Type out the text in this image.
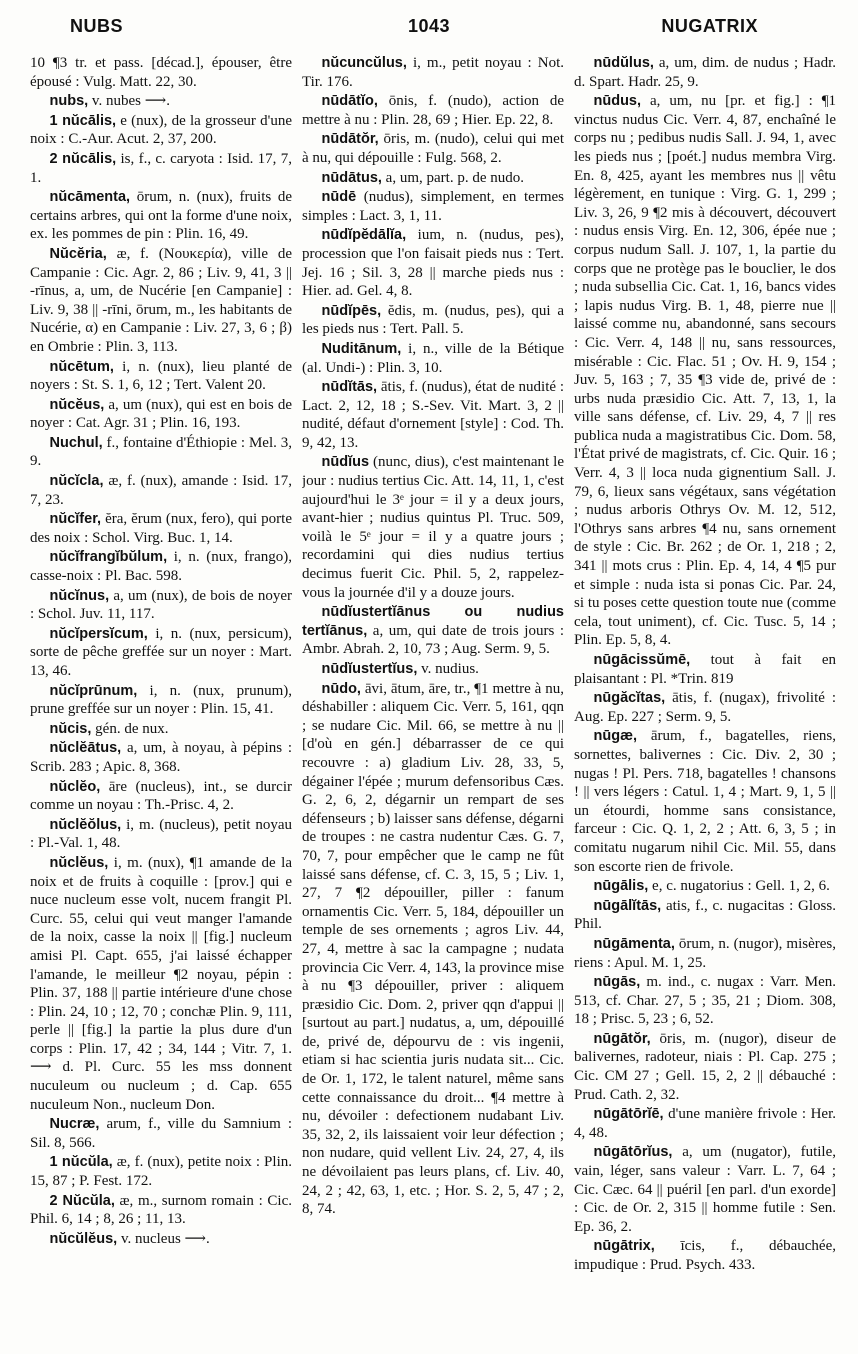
NUBS	1043	NUGATRIX

10 ¶3 tr. et pass. [décad.], épouser, être épousé : Vulg. Matt. 22, 30.

nubs, v. nubes ⟶.

1 nŭcālis, e (nux), de la grosseur d'une noix : C.-Aur. Acut. 2, 37, 200.

2 nŭcālis, is, f., c. caryota : Isid. 17, 7, 1.

nŭcāmenta, ōrum, n. (nux), fruits de certains arbres, qui ont la forme d'une noix, ex. les pommes de pin : Plin. 16, 49.

Nŭcĕria, æ, f. (Νουκερία), ville de Campanie : Cic. Agr. 2, 86 ; Liv. 9, 41, 3 || -rīnus, a, um, de Nucérie [en Campanie] : Liv. 9, 38 || -rīni, ōrum, m., les habitants de Nucérie, α) en Campanie : Liv. 27, 3, 6 ; β) en Ombrie : Plin. 3, 113.

nŭcētum, i, n. (nux), lieu planté de noyers : St. S. 1, 6, 12 ; Tert. Valent 20.

nŭcĕus, a, um (nux), qui est en bois de noyer : Cat. Agr. 31 ; Plin. 16, 193.

Nuchul, f., fontaine d'Éthiopie : Mel. 3, 9.

nŭcĭcla, æ, f. (nux), amande : Isid. 17, 7, 23.

nŭcĭfer, ĕra, ĕrum (nux, fero), qui porte des noix : Schol. Virg. Buc. 1, 14.

nŭcĭfrangĭbŭlum, i, n. (nux, frango), casse-noix : Pl. Bac. 598.

nŭcĭnus, a, um (nux), de bois de noyer : Schol. Juv. 11, 117.

nŭcĭpersĭcum, i, n. (nux, persicum), sorte de pêche greffée sur un noyer : Mart. 13, 46.

nŭcĭprūnum, i, n. (nux, prunum), prune greffée sur un noyer : Plin. 15, 41.

nŭcis, gén. de nux.

nŭclĕātus, a, um, à noyau, à pépins : Scrib. 283 ; Apic. 8, 368.

nŭclĕo, āre (nucleus), int., se durcir comme un noyau : Th.-Prisc. 4, 2.

nŭclĕŏlus, i, m. (nucleus), petit noyau : Pl.-Val. 1, 48.

nŭclĕus, i, m. (nux), ¶1 amande de la noix et de fruits à coquille : [prov.] qui e nuce nucleum esse volt, nucem frangit Pl. Curc. 55, celui qui veut manger l'amande de la noix, casse la noix || [fig.] nucleum amisi Pl. Capt. 655, j'ai laissé échapper l'amande, le meilleur ¶2 noyau, pépin : Plin. 37, 188 || partie intérieure d'une chose : Plin. 24, 10 ; 12, 70 ; conchæ Plin. 9, 111, perle || [fig.] la partie la plus dure d'un corps : Plin. 17, 42 ; 34, 144 ; Vitr. 7, 1. ⟶ d. Pl. Curc. 55 les mss donnent nuculeum ou nucleum ; d. Cap. 655 nuculeum Non., nucleum Don.

Nucræ, arum, f., ville du Samnium : Sil. 8, 566.

1 nŭcŭla, æ, f. (nux), petite noix : Plin. 15, 87 ; P. Fest. 172.

2 Nŭcŭla, æ, m., surnom romain : Cic. Phil. 6, 14 ; 8, 26 ; 11, 13.

nŭcŭlĕus, v. nucleus ⟶.

nŭcuncŭlus, i, m., petit noyau : Not. Tir. 176.

nūdātĭo, ōnis, f. (nudo), action de mettre à nu : Plin. 28, 69 ; Hier. Ep. 22, 8.

nūdātŏr, ōris, m. (nudo), celui qui met à nu, qui dépouille : Fulg. 568, 2.

nūdātus, a, um, part. p. de nudo.

nūdē (nudus), simplement, en termes simples : Lact. 3, 1, 11.

nūdĭpĕdālĭa, ium, n. (nudus, pes), procession que l'on faisait pieds nus : Tert. Jej. 16 ; Sil. 3, 28 || marche pieds nus : Hier. ad. Gel. 4, 8.

nūdĭpēs, ĕdis, m. (nudus, pes), qui a les pieds nus : Tert. Pall. 5.

Nuditānum, i, n., ville de la Bétique (al. Undi-) : Plin. 3, 10.

nūdĭtās, ātis, f. (nudus), état de nudité : Lact. 2, 12, 18 ; S.-Sev. Vit. Mart. 3, 2 || nudité, défaut d'ornement [style] : Cod. Th. 9, 42, 13.

nūdĭus (nunc, dius), c'est maintenant le jour : nudius tertius Cic. Att. 14, 11, 1, c'est aujourd'hui le 3ᵉ jour = il y a deux jours, avant-hier ; nudius quintus Pl. Truc. 509, voilà le 5ᵉ jour = il y a quatre jours ; recordamini qui dies nudius tertius decimus fuerit Cic. Phil. 5, 2, rappelez-vous la journée d'il y a douze jours.

nūdĭustertĭānus ou nudius tertĭānus, a, um, qui date de trois jours : Ambr. Abrah. 2, 10, 73 ; Aug. Serm. 9, 5.

nūdĭustertĭus, v. nudius.

nūdo, āvi, ātum, āre, tr., ¶1 mettre à nu, déshabiller : aliquem Cic. Verr. 5, 161, qqn ; se nudare Cic. Mil. 66, se mettre à nu || [d'où en gén.] débarrasser de ce qui recouvre : a) gladium Liv. 28, 33, 5, dégainer l'épée ; murum defensoribus Cæs. G. 2, 6, 2, dégarnir un rempart de ses défenseurs ; b) laisser sans défense, dégarni de troupes : ne castra nudentur Cæs. G. 7, 70, 7, pour empêcher que le camp ne fût laissé sans défense, cf. C. 3, 15, 5 ; Liv. 1, 27, 7 ¶2 dépouiller, piller : fanum ornamentis Cic. Verr. 5, 184, dépouiller un temple de ses ornements ; agros Liv. 44, 27, 4, mettre à sac la campagne ; nudata provincia Cic Verr. 4, 143, la province mise à nu ¶3 dépouiller, priver : aliquem præsidio Cic. Dom. 2, priver qqn d'appui || [surtout au part.] nudatus, a, um, dépouillé de, privé de, dépourvu de : vis ingenii, etiam si hac scientia juris nudata sit... Cic. de Or. 1, 172, le talent naturel, même sans cette connaissance du droit... ¶4 mettre à nu, dévoiler : defectionem nudabant Liv. 35, 32, 2, ils laissaient voir leur défection ; non nudare, quid vellent Liv. 24, 27, 4, ils ne dévoilaient pas leurs plans, cf. Liv. 40, 24, 2 ; 42, 63, 1, etc. ; Hor. S. 2, 5, 47 ; 2, 8, 74.

nūdŭlus, a, um, dim. de nudus ; Hadr. d. Spart. Hadr. 25, 9.

nūdus, a, um, nu [pr. et fig.] : ¶1 vinctus nudus Cic. Verr. 4, 87, enchaîné le corps nu ; pedibus nudis Sall. J. 94, 1, avec les pieds nus ; [poét.] nudus membra Virg. En. 8, 425, ayant les membres nus || vêtu légèrement, en tunique : Virg. G. 1, 299 ; Liv. 3, 26, 9 ¶2 mis à découvert, découvert : nudus ensis Virg. En. 12, 306, épée nue ; corpus nudum Sall. J. 107, 1, la partie du corps que ne protège pas le bouclier, le dos ; nuda subsellia Cic. Cat. 1, 16, bancs vides ; lapis nudus Virg. B. 1, 48, pierre nue || laissé comme nu, abandonné, sans secours : Cic. Verr. 4, 148 || nu, sans ressources, misérable : Cic. Flac. 51 ; Ov. H. 9, 154 ; Juv. 5, 163 ; 7, 35 ¶3 vide de, privé de : urbs nuda præsidio Cic. Att. 7, 13, 1, la ville sans défense, cf. Liv. 29, 4, 7 || res publica nuda a magistratibus Cic. Dom. 58, l'État privé de magistrats, cf. Cic. Quir. 16 ; Verr. 4, 3 || loca nuda gignentium Sall. J. 79, 6, lieux sans végétaux, sans végétation ; nudus arboris Othrys Ov. M. 12, 512, l'Othrys sans arbres ¶4 nu, sans ornement de style : Cic. Br. 262 ; de Or. 1, 218 ; 2, 341 || mots crus : Plin. Ep. 4, 14, 4 ¶5 pur et simple : nuda ista si ponas Cic. Par. 24, si tu poses cette question toute nue (comme cela, tout uniment), cf. Cic. Tusc. 5, 14 ; Plin. Ep. 5, 8, 4.

nūgācissŭmē, tout à fait en plaisantant : Pl. *Trin. 819

nūgăcĭtas, ātis, f. (nugax), frivolité : Aug. Ep. 227 ; Serm. 9, 5.

nūgæ, ārum, f., bagatelles, riens, sornettes, balivernes : Cic. Div. 2, 30 ; nugas ! Pl. Pers. 718, bagatelles ! chansons ! || vers légers : Catul. 1, 4 ; Mart. 9, 1, 5 || un étourdi, homme sans consistance, farceur : Cic. Q. 1, 2, 2 ; Att. 6, 3, 5 ; in comitatu nugarum nihil Cic. Mil. 55, dans son escorte rien de frivole.

nūgālis, e, c. nugatorius : Gell. 1, 2, 6.

nūgālĭtās, atis, f., c. nugacitas : Gloss. Phil.

nūgāmenta, ōrum, n. (nugor), misères, riens : Apul. M. 1, 25.

nūgās, m. ind., c. nugax : Varr. Men. 513, cf. Char. 27, 5 ; 35, 21 ; Diom. 308, 18 ; Prisc. 5, 23 ; 6, 52.

nūgātŏr, ōris, m. (nugor), diseur de balivernes, radoteur, niais : Pl. Cap. 275 ; Cic. CM 27 ; Gell. 15, 2, 2 || débauché : Prud. Cath. 2, 32.

nūgātōrĭē, d'une manière frivole : Her. 4, 48.

nūgātōrĭus, a, um (nugator), futile, vain, léger, sans valeur : Varr. L. 7, 64 ; Cic. Cæc. 64 || puéril [en parl. d'un exorde] : Cic. de Or. 2, 315 || homme futile : Sen. Ep. 36, 2.

nūgātrix, īcis, f., débauchée, impudique : Prud. Psych. 433.
